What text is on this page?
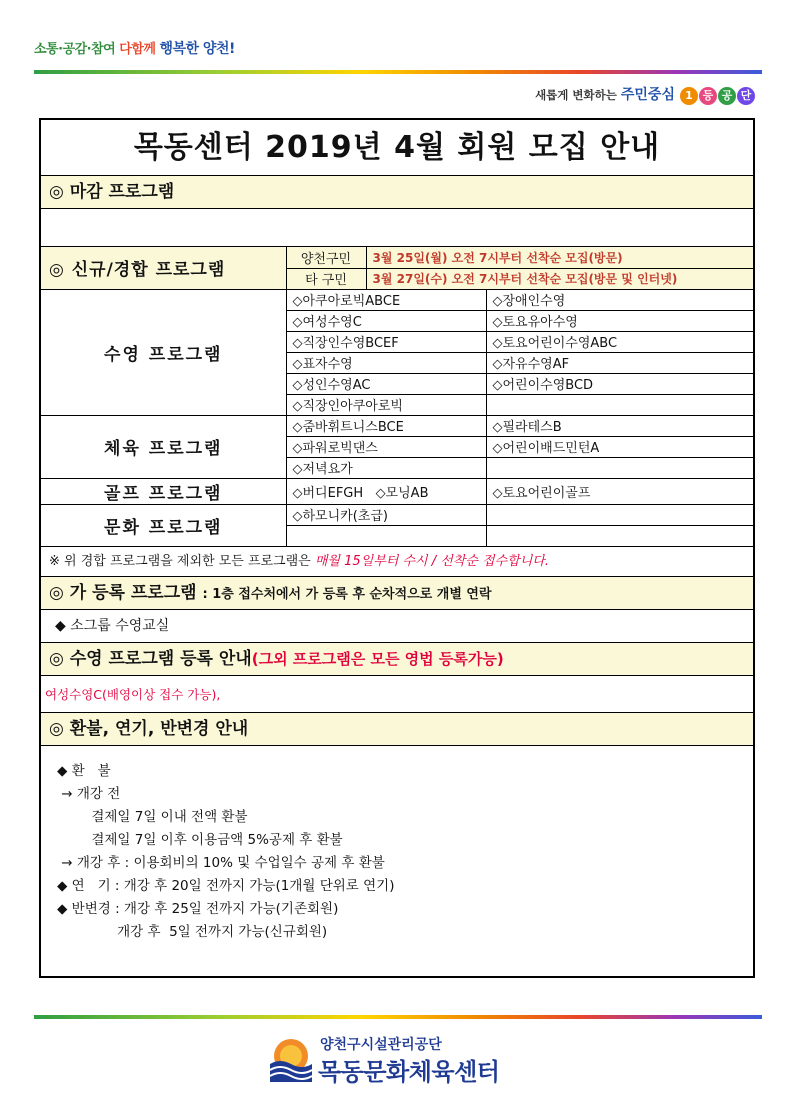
소통·공감·참여 다함께 행복한 양천!
새롭게 변화하는 주민중심 1 등 공 단
목동센터 2019년 4월 회원 모집 안내
◎ 마감 프로그램
◎ 신규/경합 프로그램	양천구민	3월 25일(월) 오전 7시부터 선착순 모집(방문)	
	타 구민	3월 27일(수) 오전 7시부터 선착순 모집(방문 및 인터넷)	
수영 프로그램	◇아쿠아로빅ABCE		◇장애인수영
	◇여성수영C		◇토요유아수영
	◇직장인수영BCEF		◇토요어린이수영ABC
	◇표자수영		◇자유수영AF
	◇성인수영AC		◇어린이수영BCD
	◇직장인아쿠아로빅		
체육 프로그램	◇줌바휘트니스BCE		◇필라테스B
	◇파워로빅댄스		◇어린이배드민턴A
	◇저녁요가		
골프 프로그램	◇버디EFGH ◇모닝AB		◇토요어린이골프
문화 프로그램	◇하모니카(초급)		

※ 위 경합 프로그램을 제외한 모든 프로그램은 매월 15일부터 수시 / 선착순 접수합니다.
◎ 가 등록 프로그램 : 1층 접수처에서 가 등록 후 순차적으로 개별 연락
◆ 소그룹 수영교실
◎ 수영 프로그램 등록 안내(그외 프로그램은 모든 영법 등록가능)
여성수영C(배영이상 접수 가능),
◎ 환불, 연기, 반변경 안내
◆ 환   불
→ 개강 전
결제일 7일 이내 전액 환불
결제일 7일 이후 이용금액 5%공제 후 환불
→ 개강 후 : 이용회비의 10% 및 수업일수 공제 후 환불
◆ 연   기 : 개강 후 20일 전까지 가능(1개월 단위로 연기)
◆ 반변경 : 개강 후 25일 전까지 가능(기존회원)
개강 후  5일 전까지 가능(신규회원)
양천구시설관리공단
목동문화체육센터
